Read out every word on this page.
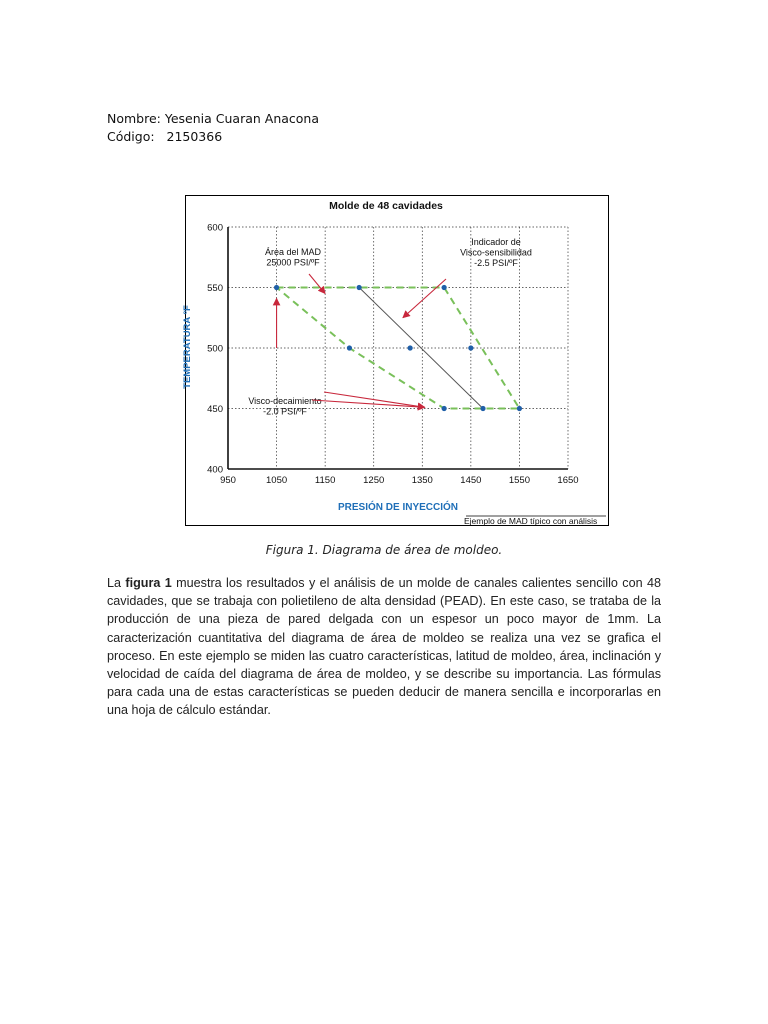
Nombre: Yesenia Cuaran Anacona
Código: 2150366
950	1050	1150	1250	1350	1450	1550	1650
400
450
500
550
600
Área del MAD
25000 PSI/ºF
Indicador de
Visco-sensibilidad
-2.5 PSI/ºF
Visco-decaimiento
-2.0 PSI/ºF
Molde de 48 cavidades
PRESIÓN DE INYECCIÓN
TEMPERATURA ºF
Ejemplo de MAD típico con análisis
Figura 1. Diagrama de área de moldeo.
La figura 1 muestra los resultados y el análisis de un molde de canales calientes sencillo con 48 cavidades, que se trabaja con polietileno de alta densidad (PEAD). En este caso, se trataba de la producción de una pieza de pared delgada con un espesor un poco mayor de 1mm. La caracterización cuantitativa del diagrama de área de moldeo se realiza una vez se grafica el proceso. En este ejemplo se miden las cuatro características, latitud de moldeo, área, inclinación y velocidad de caída del diagrama de área de moldeo, y se describe su importancia. Las fórmulas para cada una de estas características se pueden deducir de manera sencilla e incorporarlas en una hoja de cálculo estándar.
